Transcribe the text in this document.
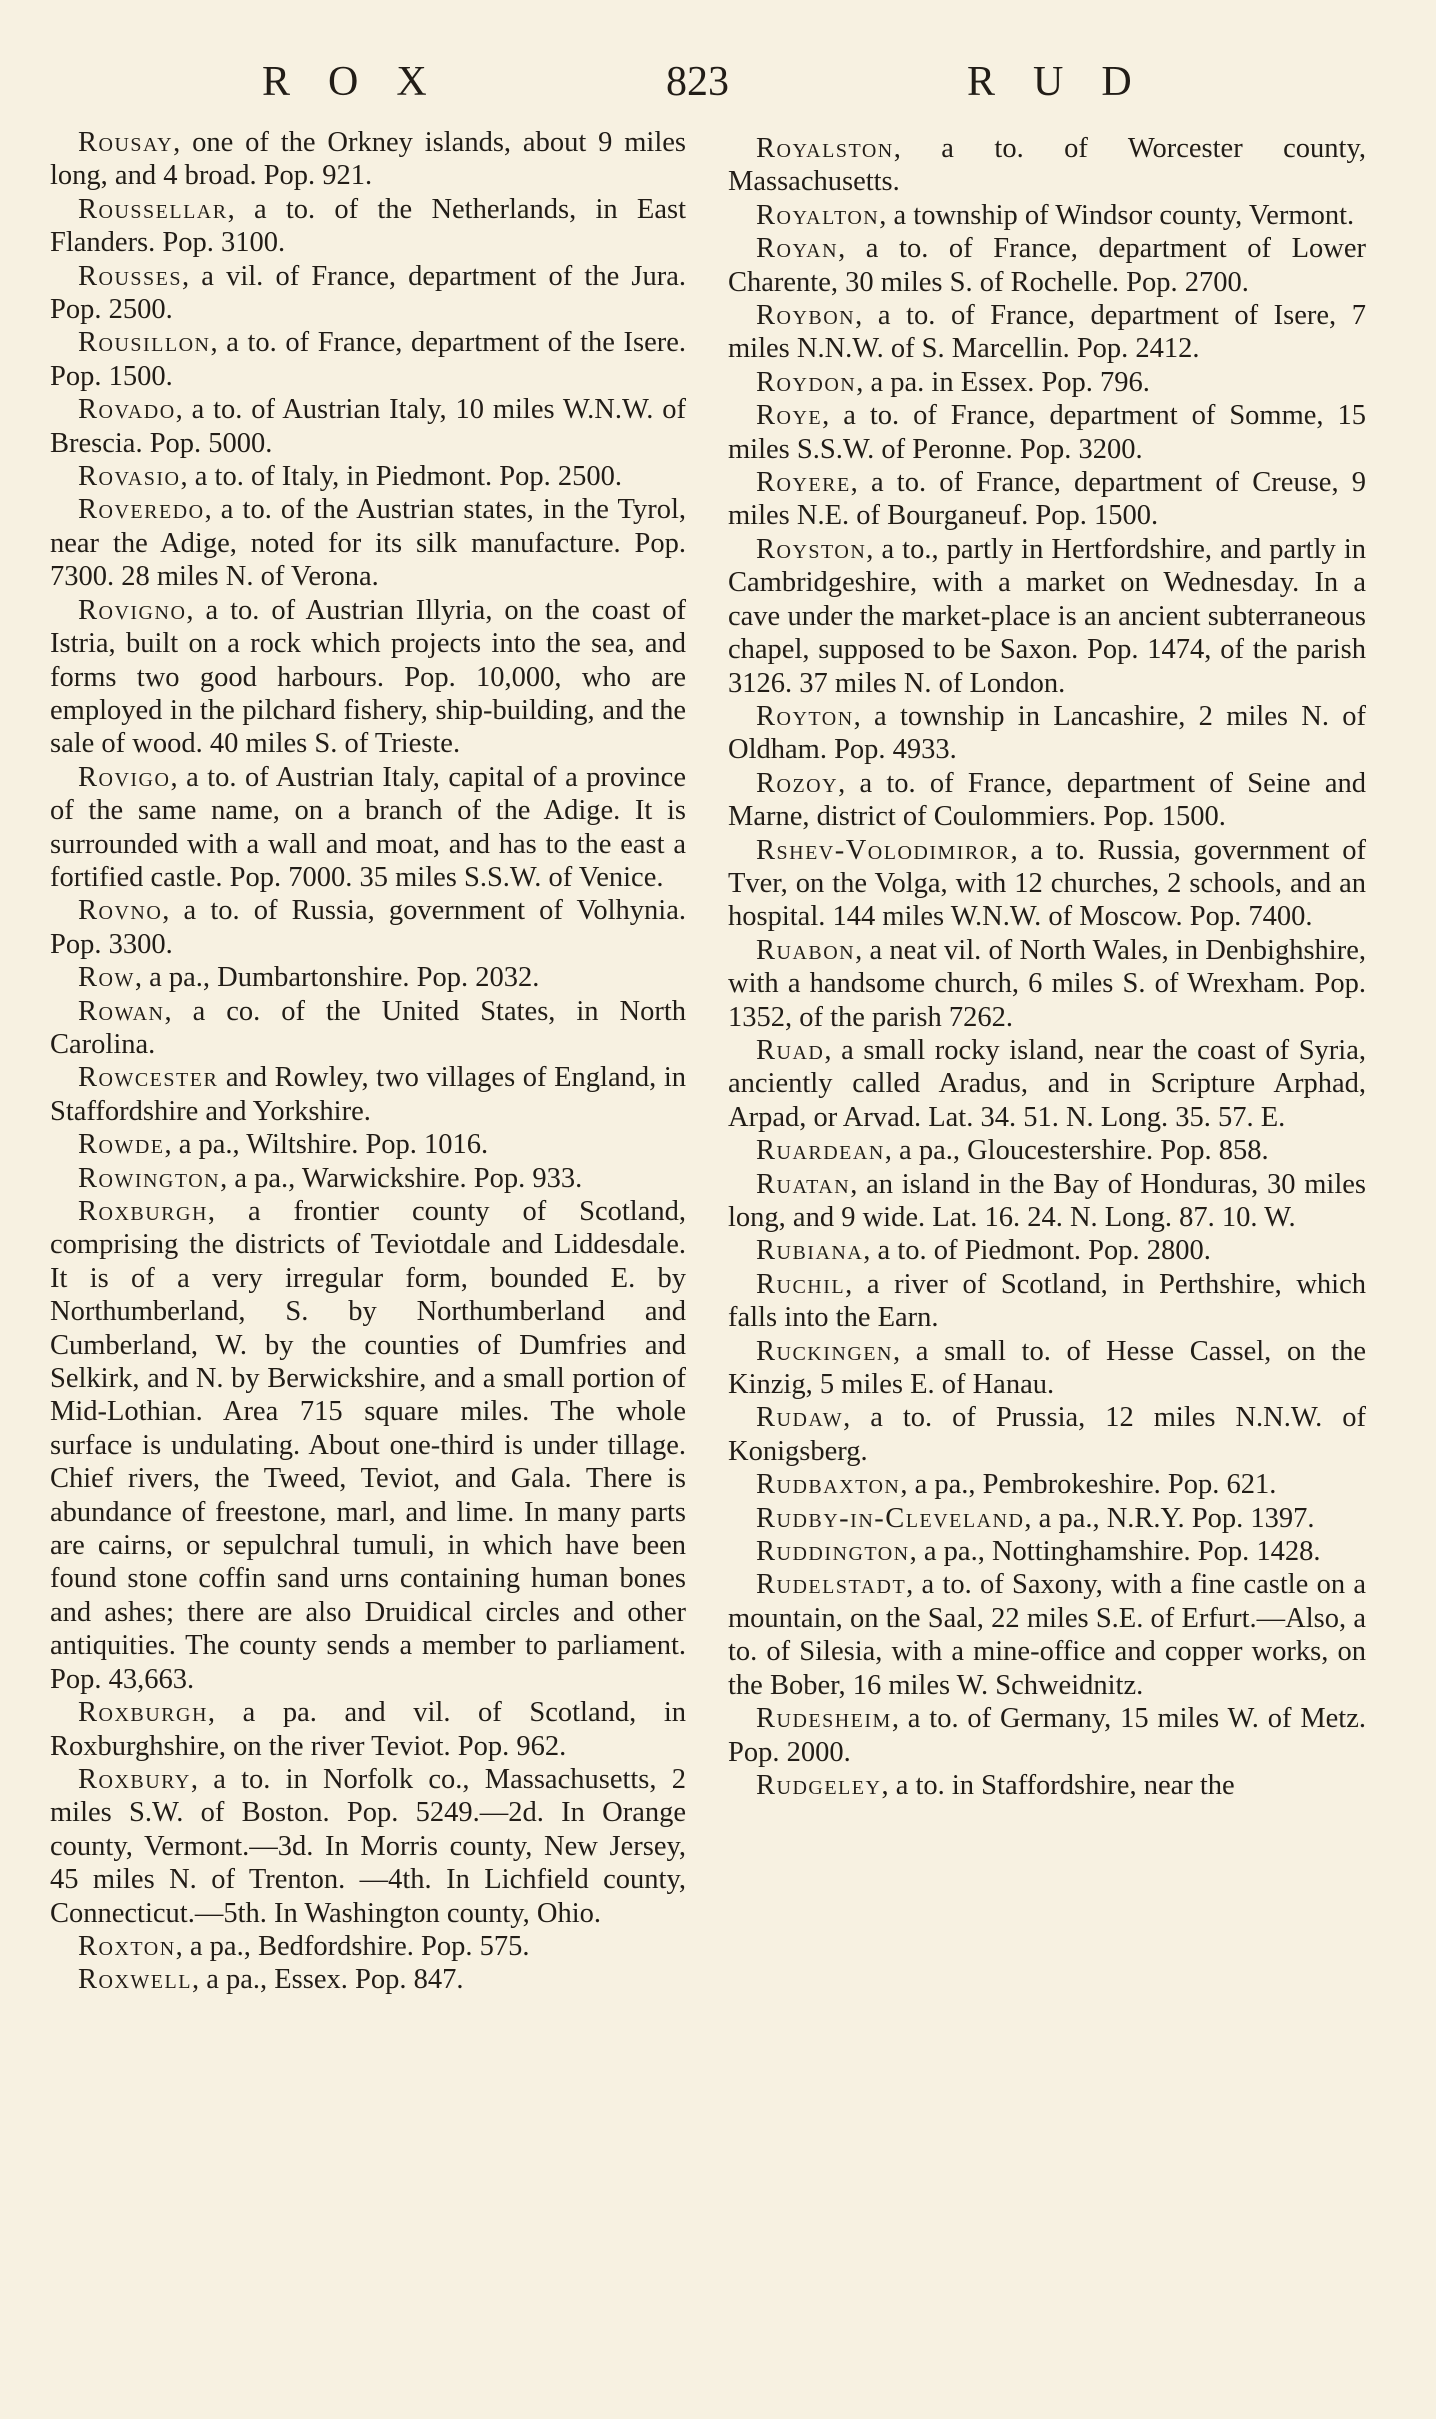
ROX	823	RUD

Rousay, one of the Orkney islands, about 9 miles long, and 4 broad. Pop. 921.

Roussellar, a to. of the Netherlands, in East Flanders. Pop. 3100.

Rousses, a vil. of France, department of the Jura. Pop. 2500.

Rousillon, a to. of France, department of the Isere. Pop. 1500.

Rovado, a to. of Austrian Italy, 10 miles W.N.W. of Brescia. Pop. 5000.

Rovasio, a to. of Italy, in Piedmont. Pop. 2500.

Roveredo, a to. of the Austrian states, in the Tyrol, near the Adige, noted for its silk manufacture. Pop. 7300. 28 miles N. of Verona.

Rovigno, a to. of Austrian Illyria, on the coast of Istria, built on a rock which projects into the sea, and forms two good harbours. Pop. 10,000, who are employed in the pilchard fishery, ship-building, and the sale of wood. 40 miles S. of Trieste.

Rovigo, a to. of Austrian Italy, capital of a province of the same name, on a branch of the Adige. It is surrounded with a wall and moat, and has to the east a fortified castle. Pop. 7000. 35 miles S.S.W. of Venice.

Rovno, a to. of Russia, government of Volhynia. Pop. 3300.

Row, a pa., Dumbartonshire. Pop. 2032.

Rowan, a co. of the United States, in North Carolina.

Rowcester and Rowley, two villages of England, in Staffordshire and Yorkshire.

Rowde, a pa., Wiltshire. Pop. 1016.

Rowington, a pa., Warwickshire. Pop. 933.

Roxburgh, a frontier county of Scotland, comprising the districts of Teviotdale and Liddesdale. It is of a very irregular form, bounded E. by Northumberland, S. by Northumberland and Cumberland, W. by the counties of Dumfries and Selkirk, and N. by Berwickshire, and a small portion of Mid-Lothian. Area 715 square miles. The whole surface is undulating. About one-third is under tillage. Chief rivers, the Tweed, Teviot, and Gala. There is abundance of freestone, marl, and lime. In many parts are cairns, or sepulchral tumuli, in which have been found stone coffin sand urns containing human bones and ashes; there are also Druidical circles and other antiquities. The county sends a member to parliament. Pop. 43,663.

Roxburgh, a pa. and vil. of Scotland, in Roxburghshire, on the river Teviot. Pop. 962.

Roxbury, a to. in Norfolk co., Massachusetts, 2 miles S.W. of Boston. Pop. 5249.—2d. In Orange county, Vermont.—3d. In Morris county, New Jersey, 45 miles N. of Trenton. —4th. In Lichfield county, Connecticut.—5th. In Washington county, Ohio.

Roxton, a pa., Bedfordshire. Pop. 575.

Roxwell, a pa., Essex. Pop. 847.

Royalston, a to. of Worcester county, Massachusetts.

Royalton, a township of Windsor county, Vermont.

Royan, a to. of France, department of Lower Charente, 30 miles S. of Rochelle. Pop. 2700.

Roybon, a to. of France, department of Isere, 7 miles N.N.W. of S. Marcellin. Pop. 2412.

Roydon, a pa. in Essex. Pop. 796.

Roye, a to. of France, department of Somme, 15 miles S.S.W. of Peronne. Pop. 3200.

Royere, a to. of France, department of Creuse, 9 miles N.E. of Bourganeuf. Pop. 1500.

Royston, a to., partly in Hertfordshire, and partly in Cambridgeshire, with a market on Wednesday. In a cave under the market-place is an ancient subterraneous chapel, supposed to be Saxon. Pop. 1474, of the parish 3126. 37 miles N. of London.

Royton, a township in Lancashire, 2 miles N. of Oldham. Pop. 4933.

Rozoy, a to. of France, department of Seine and Marne, district of Coulommiers. Pop. 1500.

Rshev-Volodimiror, a to. Russia, government of Tver, on the Volga, with 12 churches, 2 schools, and an hospital. 144 miles W.N.W. of Moscow. Pop. 7400.

Ruabon, a neat vil. of North Wales, in Denbighshire, with a handsome church, 6 miles S. of Wrexham. Pop. 1352, of the parish 7262.

Ruad, a small rocky island, near the coast of Syria, anciently called Aradus, and in Scripture Arphad, Arpad, or Arvad. Lat. 34. 51. N. Long. 35. 57. E.

Ruardean, a pa., Gloucestershire. Pop. 858.

Ruatan, an island in the Bay of Honduras, 30 miles long, and 9 wide. Lat. 16. 24. N. Long. 87. 10. W.

Rubiana, a to. of Piedmont. Pop. 2800.

Ruchil, a river of Scotland, in Perthshire, which falls into the Earn.

Ruckingen, a small to. of Hesse Cassel, on the Kinzig, 5 miles E. of Hanau.

Rudaw, a to. of Prussia, 12 miles N.N.W. of Konigsberg.

Rudbaxton, a pa., Pembrokeshire. Pop. 621.

Rudby-in-Cleveland, a pa., N.R.Y. Pop. 1397.

Ruddington, a pa., Nottinghamshire. Pop. 1428.

Rudelstadt, a to. of Saxony, with a fine castle on a mountain, on the Saal, 22 miles S.E. of Erfurt.—Also, a to. of Silesia, with a mine-office and copper works, on the Bober, 16 miles W. Schweidnitz.

Rudesheim, a to. of Germany, 15 miles W. of Metz. Pop. 2000.

Rudgeley, a to. in Staffordshire, near the
